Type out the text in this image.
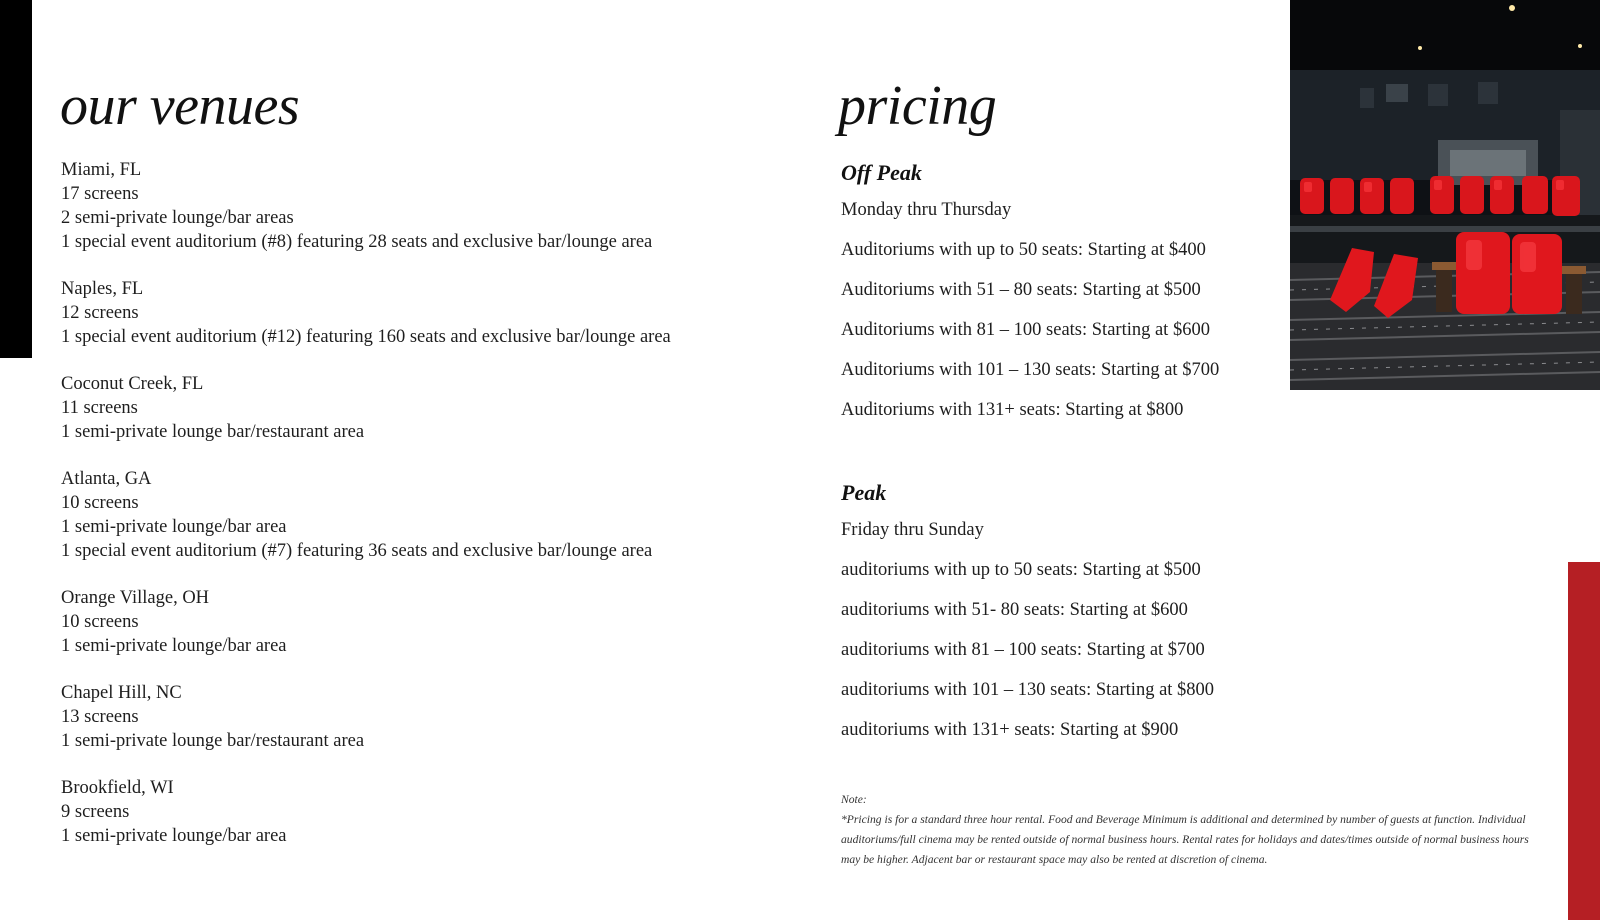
our venues
Miami, FL
17 screens
2 semi-private lounge/bar areas
1 special event auditorium (#8) featuring 28 seats and exclusive bar/lounge area
Naples, FL
12 screens
1 special event auditorium (#12) featuring 160 seats and exclusive bar/lounge area
Coconut Creek, FL
11 screens
1 semi-private lounge bar/restaurant area
Atlanta, GA
10 screens
1 semi-private lounge/bar area
1 special event auditorium (#7) featuring 36 seats and exclusive bar/lounge area
Orange Village, OH
10 screens
1 semi-private lounge/bar area
Chapel Hill, NC
13 screens
1 semi-private lounge bar/restaurant area
Brookfield, WI
9 screens
1 semi-private lounge/bar area
pricing
Off Peak
Monday thru Thursday
Auditoriums with up to 50 seats: Starting at $400
Auditoriums with 51 – 80 seats: Starting at $500
Auditoriums with 81 – 100 seats: Starting at $600
Auditoriums with 101 – 130 seats: Starting at $700
Auditoriums with 131+ seats: Starting at $800
Peak
Friday thru Sunday
auditoriums with up to 50 seats: Starting at $500
auditoriums with 51- 80 seats: Starting at $600
auditoriums with 81 – 100 seats: Starting at $700
auditoriums with 101 – 130 seats: Starting at $800
auditoriums with 131+ seats: Starting at $900
Note:
*Pricing is for a standard three hour rental. Food and Beverage Minimum is additional and determined by number of guests at function. Individual auditoriums/full cinema may be rented outside of normal business hours. Rental rates for holidays and dates/times outside of normal business hours may be higher. Adjacent bar or restaurant space may also be rented at discretion of cinema.
